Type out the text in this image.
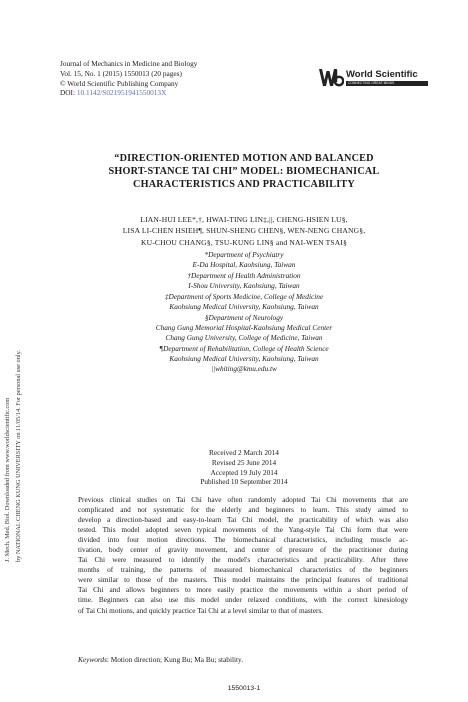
J. Mech. Med. Biol. Downloaded from www.worldscientific.com by NATIONAL CHENG KUNG UNIVERSITY on 11/05/14. For personal use only.
Journal of Mechanics in Medicine and Biology
Vol. 15, No. 1 (2015) 1550013 (20 pages)
© World Scientific Publishing Company
DOI: 10.1142/S021951941550013X
World Scientific
CONNECTING GREAT MINDS
“DIRECTION-ORIENTED MOTION AND BALANCED
SHORT-STANCE TAI CHI” MODEL: BIOMECHANICAL
CHARACTERISTICS AND PRACTICABILITY
LIAN-HUI LEE*,†, HWAI-TING LIN‡,||, CHENG-HSIEN LU§,
LISA LI-CHEN HSIEH¶, SHUN-SHENG CHEN§, WEN-NENG CHANG§,
KU-CHOU CHANG§, TSU-KUNG LIN§ and NAI-WEN TSAI§
*Department of Psychiatry
E-Da Hospital, Kaohsiung, Taiwan
†Department of Health Administration
I-Shou University, Kaohsiung, Taiwan
‡Department of Sports Medicine, College of Medicine
Kaohsiung Medical University, Kaohsiung, Taiwan
§Department of Neurology
Chang Gung Memorial Hospital-Kaohsiung Medical Center
Chang Gung University, College of Medicine, Taiwan
¶Department of Rehabilitation, College of Health Science
Kaohsiung Medical University, Kaohsiung, Taiwan
||whiting@kmu.edu.tw
Received 2 March 2014
Revised 25 June 2014
Accepted 19 July 2014
Published 10 September 2014
Previous clinical studies on Tai Chi have often randomly adopted Tai Chi movements that are
complicated and not systematic for the elderly and beginners to learn. This study aimed to
develop a direction-based and easy-to-learn Tai Chi model, the practicability of which was also
tested. This model adopted seven typical movements of the Yang-style Tai Chi form that were
divided into four motion directions. The biomechanical characteristics, including muscle ac-
tivation, body center of gravity movement, and center of pressure of the practitioner during
Tai Chi were measured to identify the model's characteristics and practicability. After three
months of training, the patterns of measured biomechanical characteristics of the beginners
were similar to those of the masters. This model maintains the principal features of traditional
Tai Chi and allows beginners to more easily practice the movements within a short period of
time. Beginners can also use this model under relaxed conditions, with the correct kinesiology
of Tai Chi motions, and quickly practice Tai Chi at a level similar to that of masters.
Keywords: Motion direction; Kung Bu; Ma Bu; stability.
1550013-1
